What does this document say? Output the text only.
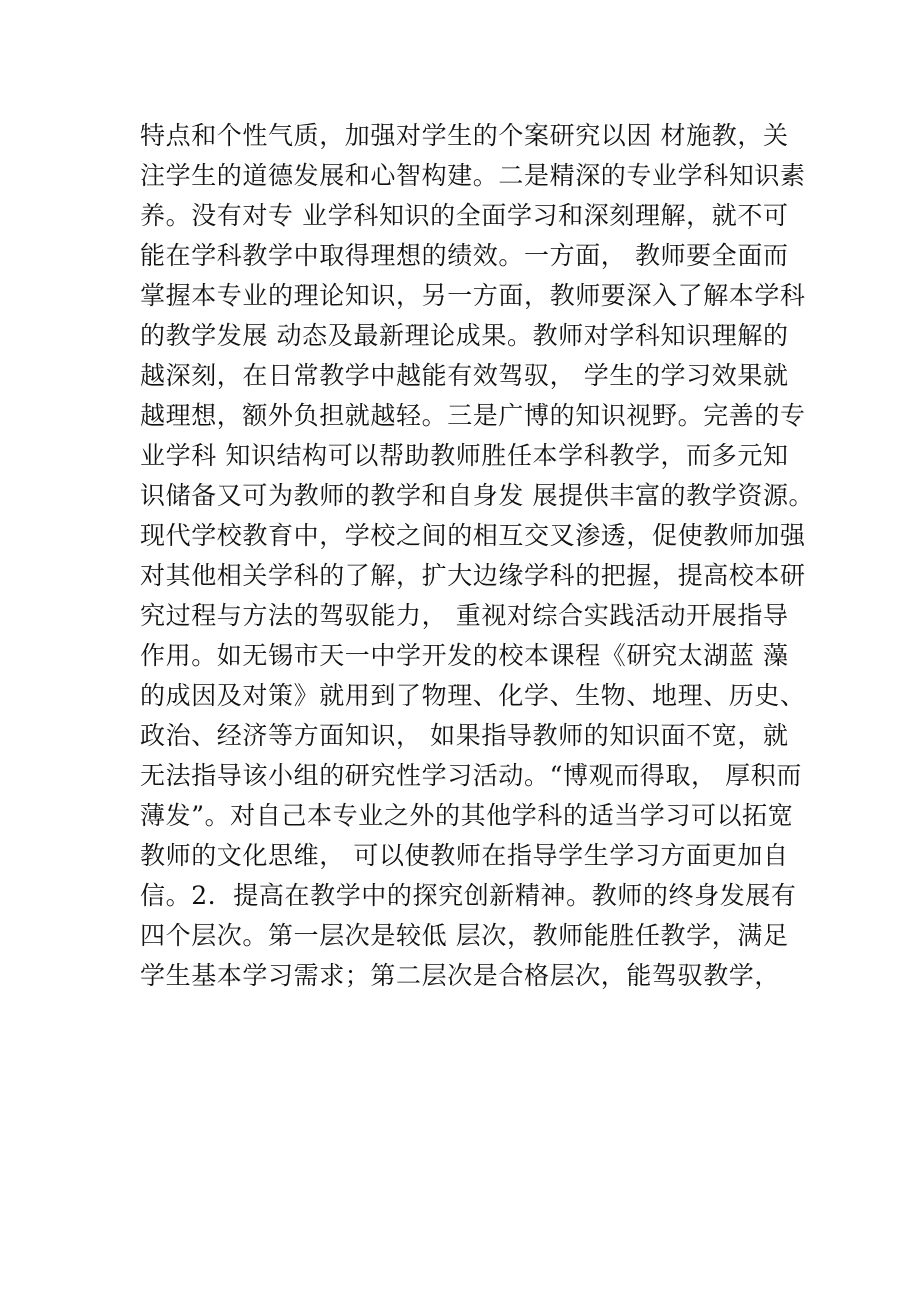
特点和个性气质，加强对学生的个案研究以因 材施教，关
注学生的道德发展和心智构建。二是精深的专业学科知识素
养。没有对专 业学科知识的全面学习和深刻理解，就不可
能在学科教学中取得理想的绩效。一方面， 教师要全面而
掌握本专业的理论知识，另一方面，教师要深入了解本学科
的教学发展 动态及最新理论成果。教师对学科知识理解的
越深刻，在日常教学中越能有效驾驭， 学生的学习效果就
越理想，额外负担就越轻。三是广博的知识视野。完善的专
业学科 知识结构可以帮助教师胜任本学科教学，而多元知
识储备又可为教师的教学和自身发 展提供丰富的教学资源。
现代学校教育中，学校之间的相互交叉渗透，促使教师加强
对其他相关学科的了解，扩大边缘学科的把握，提高校本研
究过程与方法的驾驭能力， 重视对综合实践活动开展指导
作用。如无锡市天一中学开发的校本课程《研究太湖蓝 藻
的成因及对策》就用到了物理、化学、生物、地理、历史、
政治、经济等方面知识， 如果指导教师的知识面不宽，就
无法指导该小组的研究性学习活动。“博观而得取， 厚积而
薄发”。对自己本专业之外的其他学科的适当学习可以拓宽
教师的文化思维， 可以使教师在指导学生学习方面更加自
信。2．提高在教学中的探究创新精神。教师的终身发展有
四个层次。第一层次是较低 层次，教师能胜任教学，满足
学生基本学习需求；第二层次是合格层次，能驾驭教学，
